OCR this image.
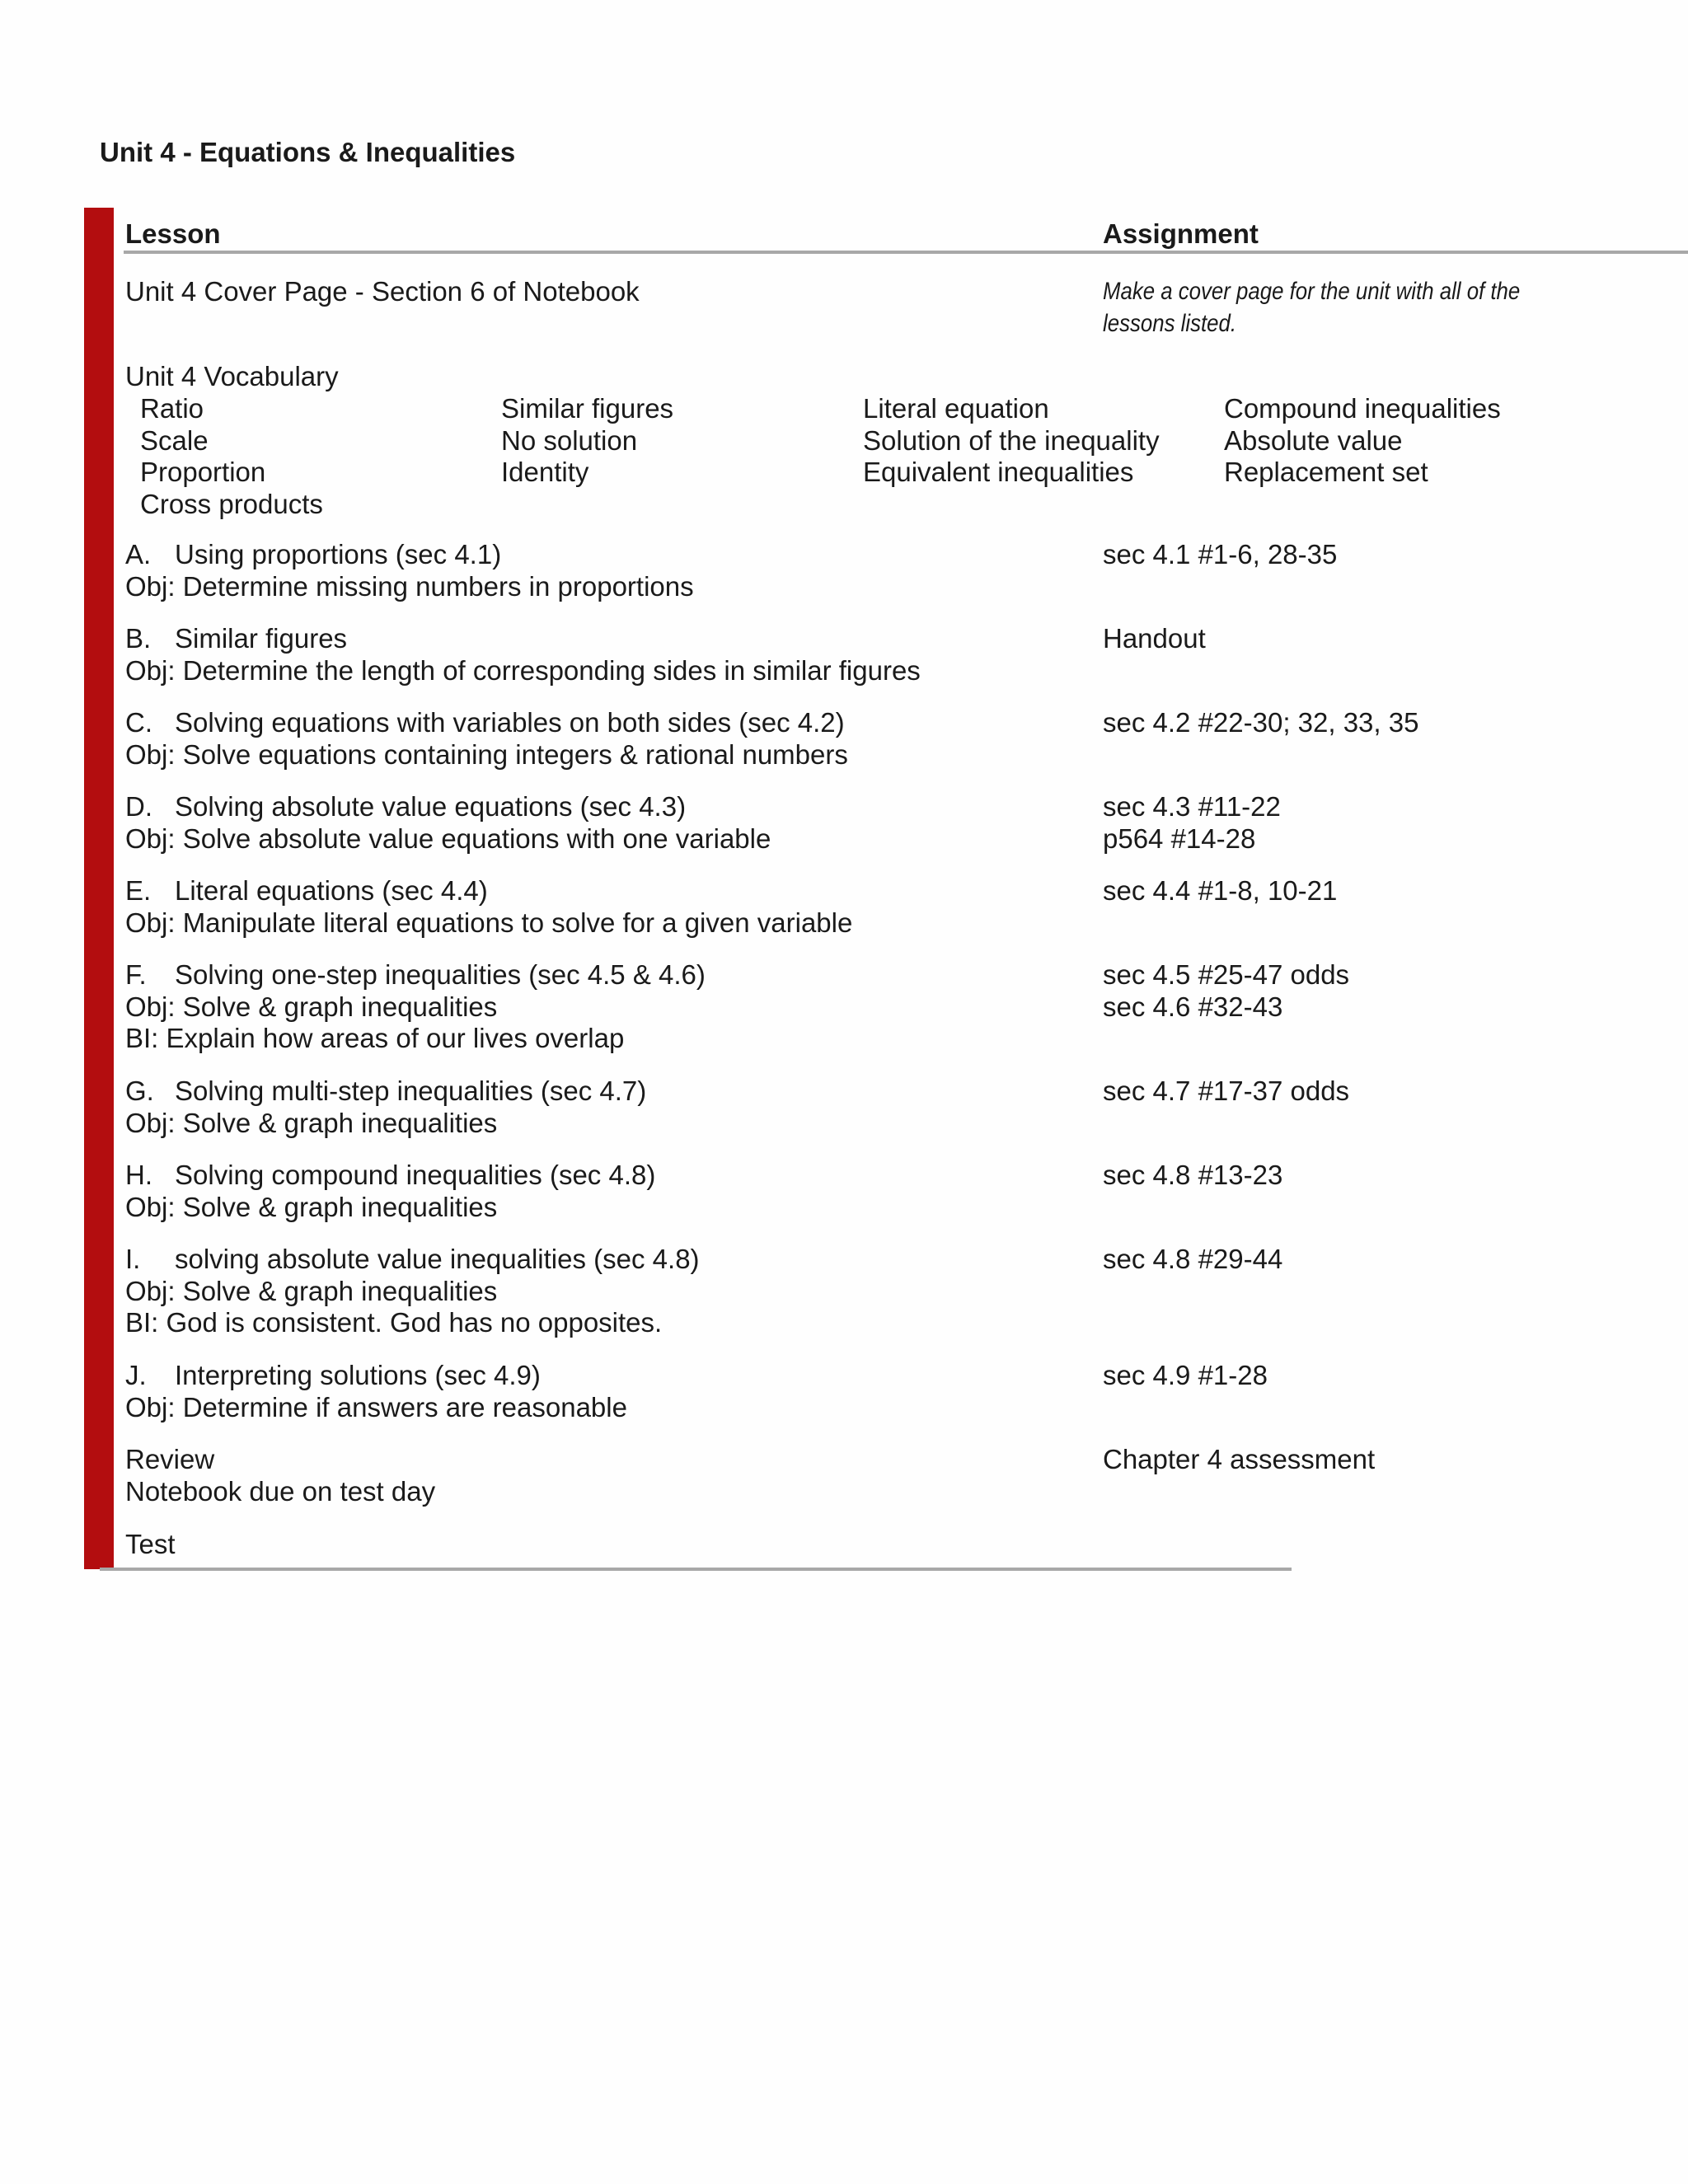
Unit 4 - Equations & Inequalities
Lesson	Assignment
Unit 4 Cover Page - Section 6 of Notebook	Make a cover page for the unit with all of the lessons listed.
Unit 4 Vocabulary
Ratio
Scale
Proportion
Cross products
Similar figures
No solution
Identity
Literal equation
Solution of the inequality
Equivalent inequalities
Compound inequalities
Absolute value
Replacement set
A. Using proportions (sec 4.1)
Obj: Determine missing numbers in proportions
sec 4.1 #1-6, 28-35
B. Similar figures
Obj: Determine the length of corresponding sides in similar figures
Handout
C. Solving equations with variables on both sides (sec 4.2)
Obj: Solve equations containing integers & rational numbers
sec 4.2 #22-30; 32, 33, 35
D. Solving absolute value equations (sec 4.3)
Obj: Solve absolute value equations with one variable
sec 4.3 #11-22
p564 #14-28
E. Literal equations (sec 4.4)
Obj: Manipulate literal equations to solve for a given variable
sec 4.4 #1-8, 10-21
F. Solving one-step inequalities (sec 4.5 & 4.6)
Obj: Solve & graph inequalities
BI: Explain how areas of our lives overlap
sec 4.5 #25-47 odds
sec 4.6 #32-43
G. Solving multi-step inequalities (sec 4.7)
Obj: Solve & graph inequalities
sec 4.7 #17-37 odds
H. Solving compound inequalities (sec 4.8)
Obj: Solve & graph inequalities
sec 4.8 #13-23
I. solving absolute value inequalities (sec 4.8)
Obj: Solve & graph inequalities
BI: God is consistent. God has no opposites.
sec 4.8 #29-44
J. Interpreting solutions (sec 4.9)
Obj: Determine if answers are reasonable
sec 4.9 #1-28
Review
Notebook due on test day
Chapter 4 assessment
Test
